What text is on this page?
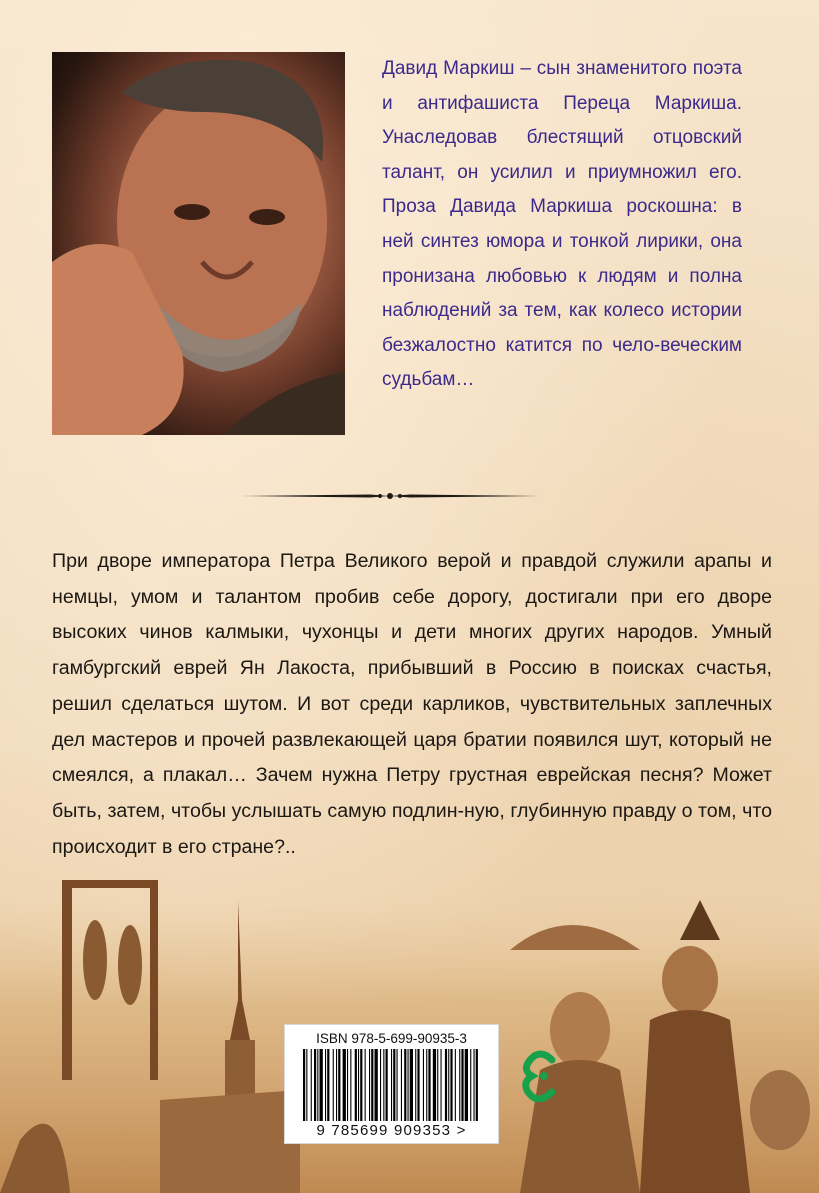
Давид Маркиш – сын знаменитого поэта и антифашиста Переца Маркиша. Унаследовав блестящий отцовский талант, он усилил и приумножил его. Проза Давида Маркиша роскошна: в ней синтез юмора и тонкой лирики, она пронизана любовью к людям и полна наблюдений за тем, как колесо истории безжалостно катится по чело-веческим судьбам…

При дворе императора Петра Великого верой и правдой служили арапы и немцы, умом и талантом пробив себе дорогу, достигали при его дворе высоких чинов калмыки, чухонцы и дети многих других народов. Умный гамбургский еврей Ян Лакоста, прибывший в Россию в поисках счастья, решил сделаться шутом. И вот среди карликов, чувствительных заплечных дел мастеров и прочей развлекающей царя братии появился шут, который не смеялся, а плакал… Зачем нужна Петру грустная еврейская песня? Может быть, затем, чтобы услышать самую подлин-ную, глубинную правду о том, что происходит в его стране?..

ISBN 978-5-699-90935-3
9 785699 909353 >
